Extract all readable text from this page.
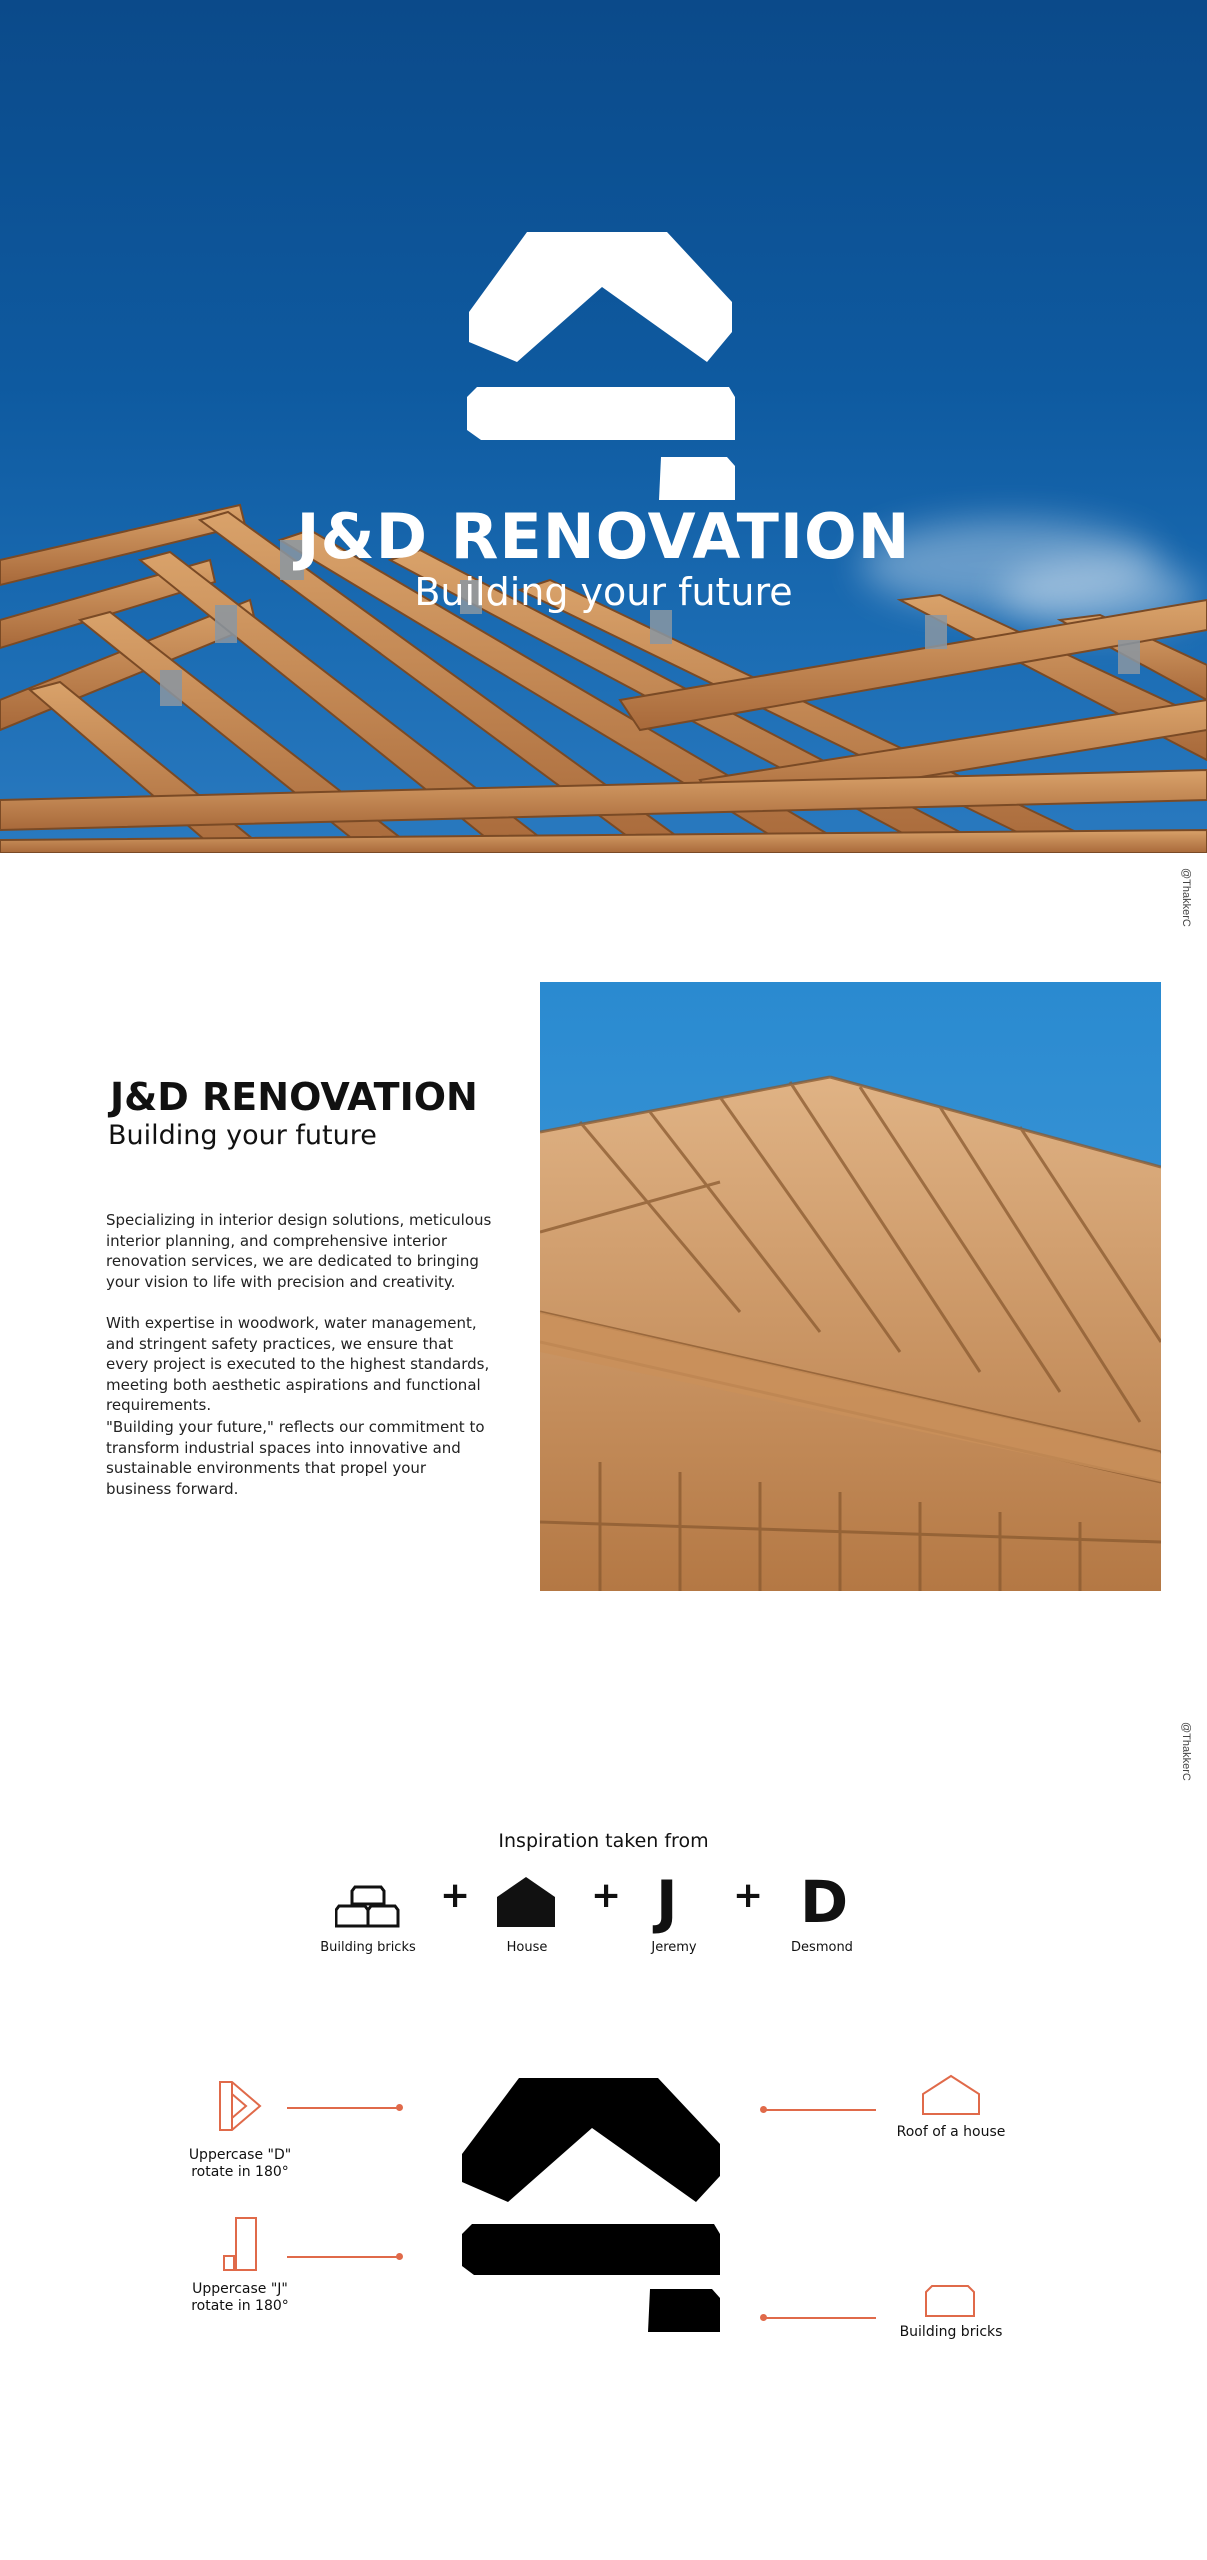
J&D RENOVATION
Building your future
@ThakkerC
J&D RENOVATION
Building your future

Specializing in interior design solutions, meticulous interior planning, and comprehensive interior renovation services, we are dedicated to bringing your vision to life with precision and creativity.

With expertise in woodwork, water management, and stringent safety practices, we ensure that every project is executed to the highest standards, meeting both aesthetic aspirations and functional requirements.

"Building your future," reflects our commitment to transform industrial spaces into innovative and sustainable environments that propel your business forward.

@ThakkerC
Inspiration taken from
Building bricks
+
House
+ J
Jeremy
+ D
Desmond
Uppercase "D"
rotate in 180°
Uppercase "J"
rotate in 180°
Roof of a house
Building bricks
